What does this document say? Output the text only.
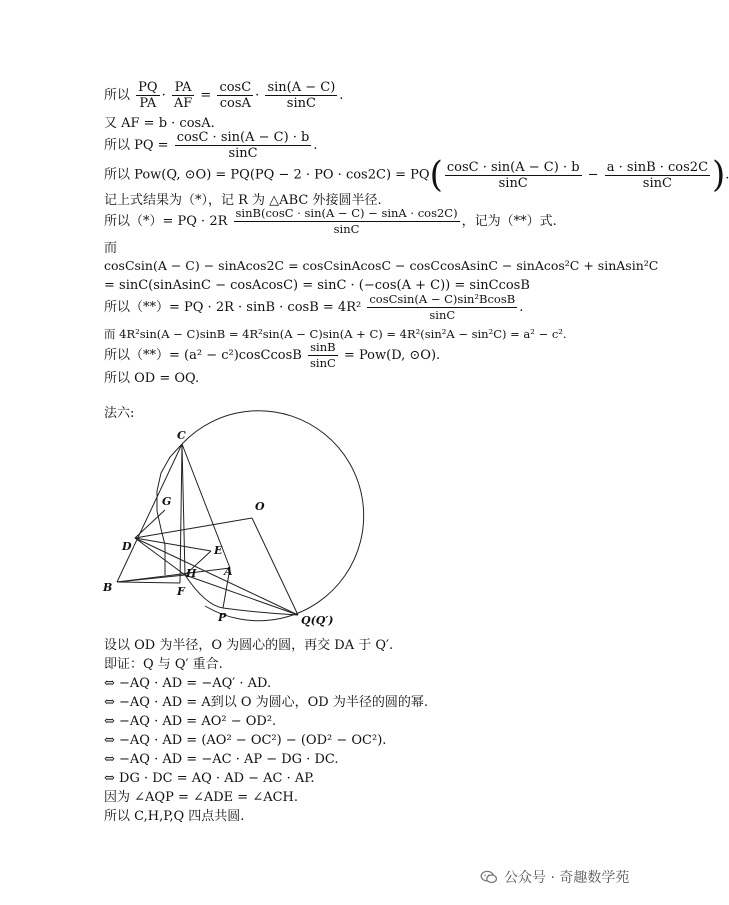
所以 $\frac{PQ}{PA} \cdot \frac{PA}{AF} = \frac{\cos C}{\cos A} \cdot \frac{\sin(A - C)}{\sin C}$ .
又 AF = b · cosA.
所以 PQ = $\frac{\cos C \cdot \sin(A - C) \cdot b}{\sin C}$ .
所以 Pow(Q, ⊙O) = PQ(PQ − 2 · PO · $\cos 2C) = PQ( \frac{\cos C \cdot \sin(A - C) \cdot b}{\sin C} - \frac{a \cdot \sin B \cdot \cos 2C}{\sin C}$ )
记上式结果为（*），记 R 为 △ABC 外接圆半径.
所以（*）= PQ · $2R \frac{\sin B(\cos C \cdot \sin(A - C) - \sin A \cdot \cos 2C)}{\sin C}$ ，记为（**）式.
而
cosCsin(A − C) − sinAcos2C = cosCsinAcosC − cosCcosAsinC − sinAcos²C + sinAsin²C
= sinC(sinAsinC − cosAcosC) = sinC · (−cos(A + C)) = sinCcosB
所以（**）= PQ · $2R \cdot \sin B \cdot \cos B = 4R^2 \frac{\text{cosCsin(A − C)sin²BcosB}}{\sin C}$ .
而 4R²sin(A − C)sinB = 4R²sin(A − C)sin(A + C) = 4R²(sin²A − sin²C) = a² − c².
所以（**）= (a² − c²)cosCcosB $\frac{\sin B}{\sin C} = Pow(D$, ⊙O).
所以 OD = OQ.
法六:
C
G	O
D	E
H	A
B	F
P	Q(Q′)
设以 OD 为半径，O 为圆心的圆，再交 DA 于 Q′.
即证：Q 与 Q′ 重合.
⇔ −AQ · AD = −AQ′ · AD.
⇔ −AQ · AD = A到以 O 为圆心，OD 为半径的圆的幂.
⇔ −AQ · AD = AO² − OD².
⇔ −AQ · AD = (AO² − OC²) − (OD² − OC²).
⇔ −AQ · AD = −AC · AP − DG · DC.
⇔ DG · DC = AQ · AD − AC · AP.
因为 ∠AQP = ∠ADE = ∠ACH.
所以 C,H,P,Q 四点共圆.
公众号 · 奇趣数学苑
